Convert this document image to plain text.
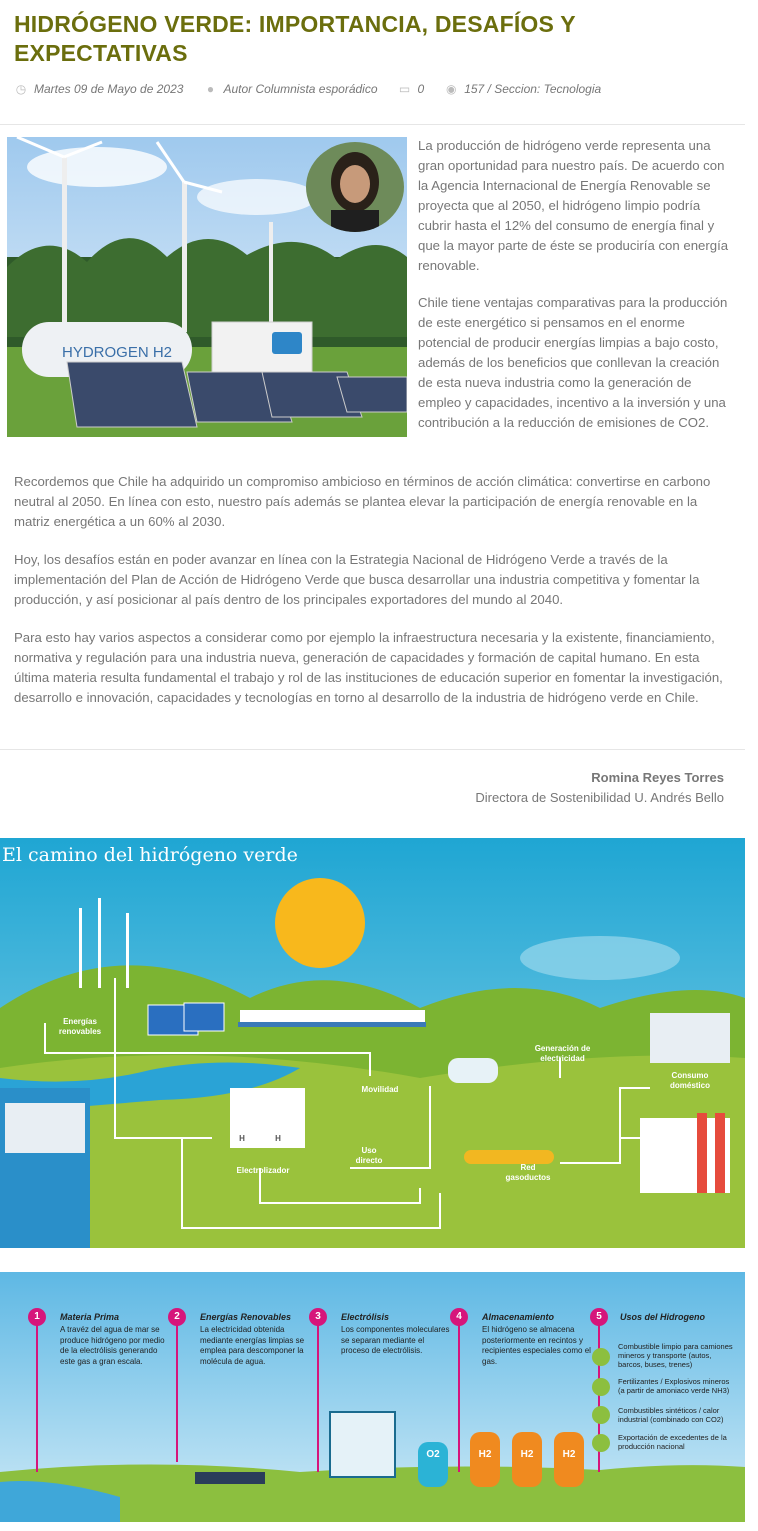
HIDRÓGENO VERDE: IMPORTANCIA, DESAFÍOS Y EXPECTATIVAS
◷ Martes 09 de Mayo de 2023 ● Autor Columnista esporádico ▭ 0 ◉ 157 / Seccion: Tecnologia
HYDROGEN H2

La producción de hidrógeno verde representa una gran oportunidad para nuestro país. De acuerdo con la Agencia Internacional de Energía Renovable se proyecta que al 2050, el hidrógeno limpio podría cubrir hasta el 12% del consumo de energía final y que la mayor parte de éste se produciría con energía renovable.

Chile tiene ventajas comparativas para la producción de este energético si pensamos en el enorme potencial de producir energías limpias a bajo costo, además de los beneficios que conllevan la creación de esta nueva industria como la generación de empleo y capacidades, incentivo a la inversión y una contribución a la reducción de emisiones de CO2.

Recordemos que Chile ha adquirido un compromiso ambicioso en términos de acción climática: convertirse en carbono neutral al 2050. En línea con esto, nuestro país además se plantea elevar la participación de energía renovable en la matriz energética a un 60% al 2030.

Hoy, los desafíos están en poder avanzar en línea con la Estrategia Nacional de Hidrógeno Verde a través de la implementación del Plan de Acción de Hidrógeno Verde que busca desarrollar una industria competitiva y fomentar la producción, y así posicionar al país dentro de los principales exportadores del mundo al 2040.

Para esto hay varios aspectos a considerar como por ejemplo la infraestructura necesaria y la existente, financiamiento, normativa y regulación para una industria nueva, generación de capacidades y formación de capital humano. En esta última materia resulta fundamental el trabajo y rol de las instituciones de educación superior en fomentar la investigación, desarrollo e innovación, capacidades y tecnologías en torno al desarrollo de la industria de hidrógeno verde en Chile.

Romina Reyes Torres
Directora de Sostenibilidad U. Andrés Bello
El camino del hidrógeno verde
Energías renovables
Electrolizador
Uso directo
Red gasoductos
Movilidad
Generación de electricidad
Consumo doméstico
Industria
H	H
1	2	3	4	5
Materia Prima	Energías Renovables	Electrólisis	Almacenamiento	Usos del Hidrogeno
A travéz del agua de mar se produce hidrógeno por medio de la electrólisis generando este gas a gran escala.
La electricidad obtenida mediante energías limpias se emplea para descomponer la molécula de agua.
Los componentes moleculares se separan mediante el proceso de electrólisis.
El hidrógeno se almacena posteriormente en recintos y recipientes especiales como el gas.
Combustible limpio para camiones mineros y transporte (autos, barcos, buses, trenes)
Fertilizantes / Explosivos mineros (a partir de amoniaco verde NH3)
Combustibles sintéticos / calor industrial (combinado con CO2)
Exportación de excedentes de la producción nacional
O2	H2	H2	H2
